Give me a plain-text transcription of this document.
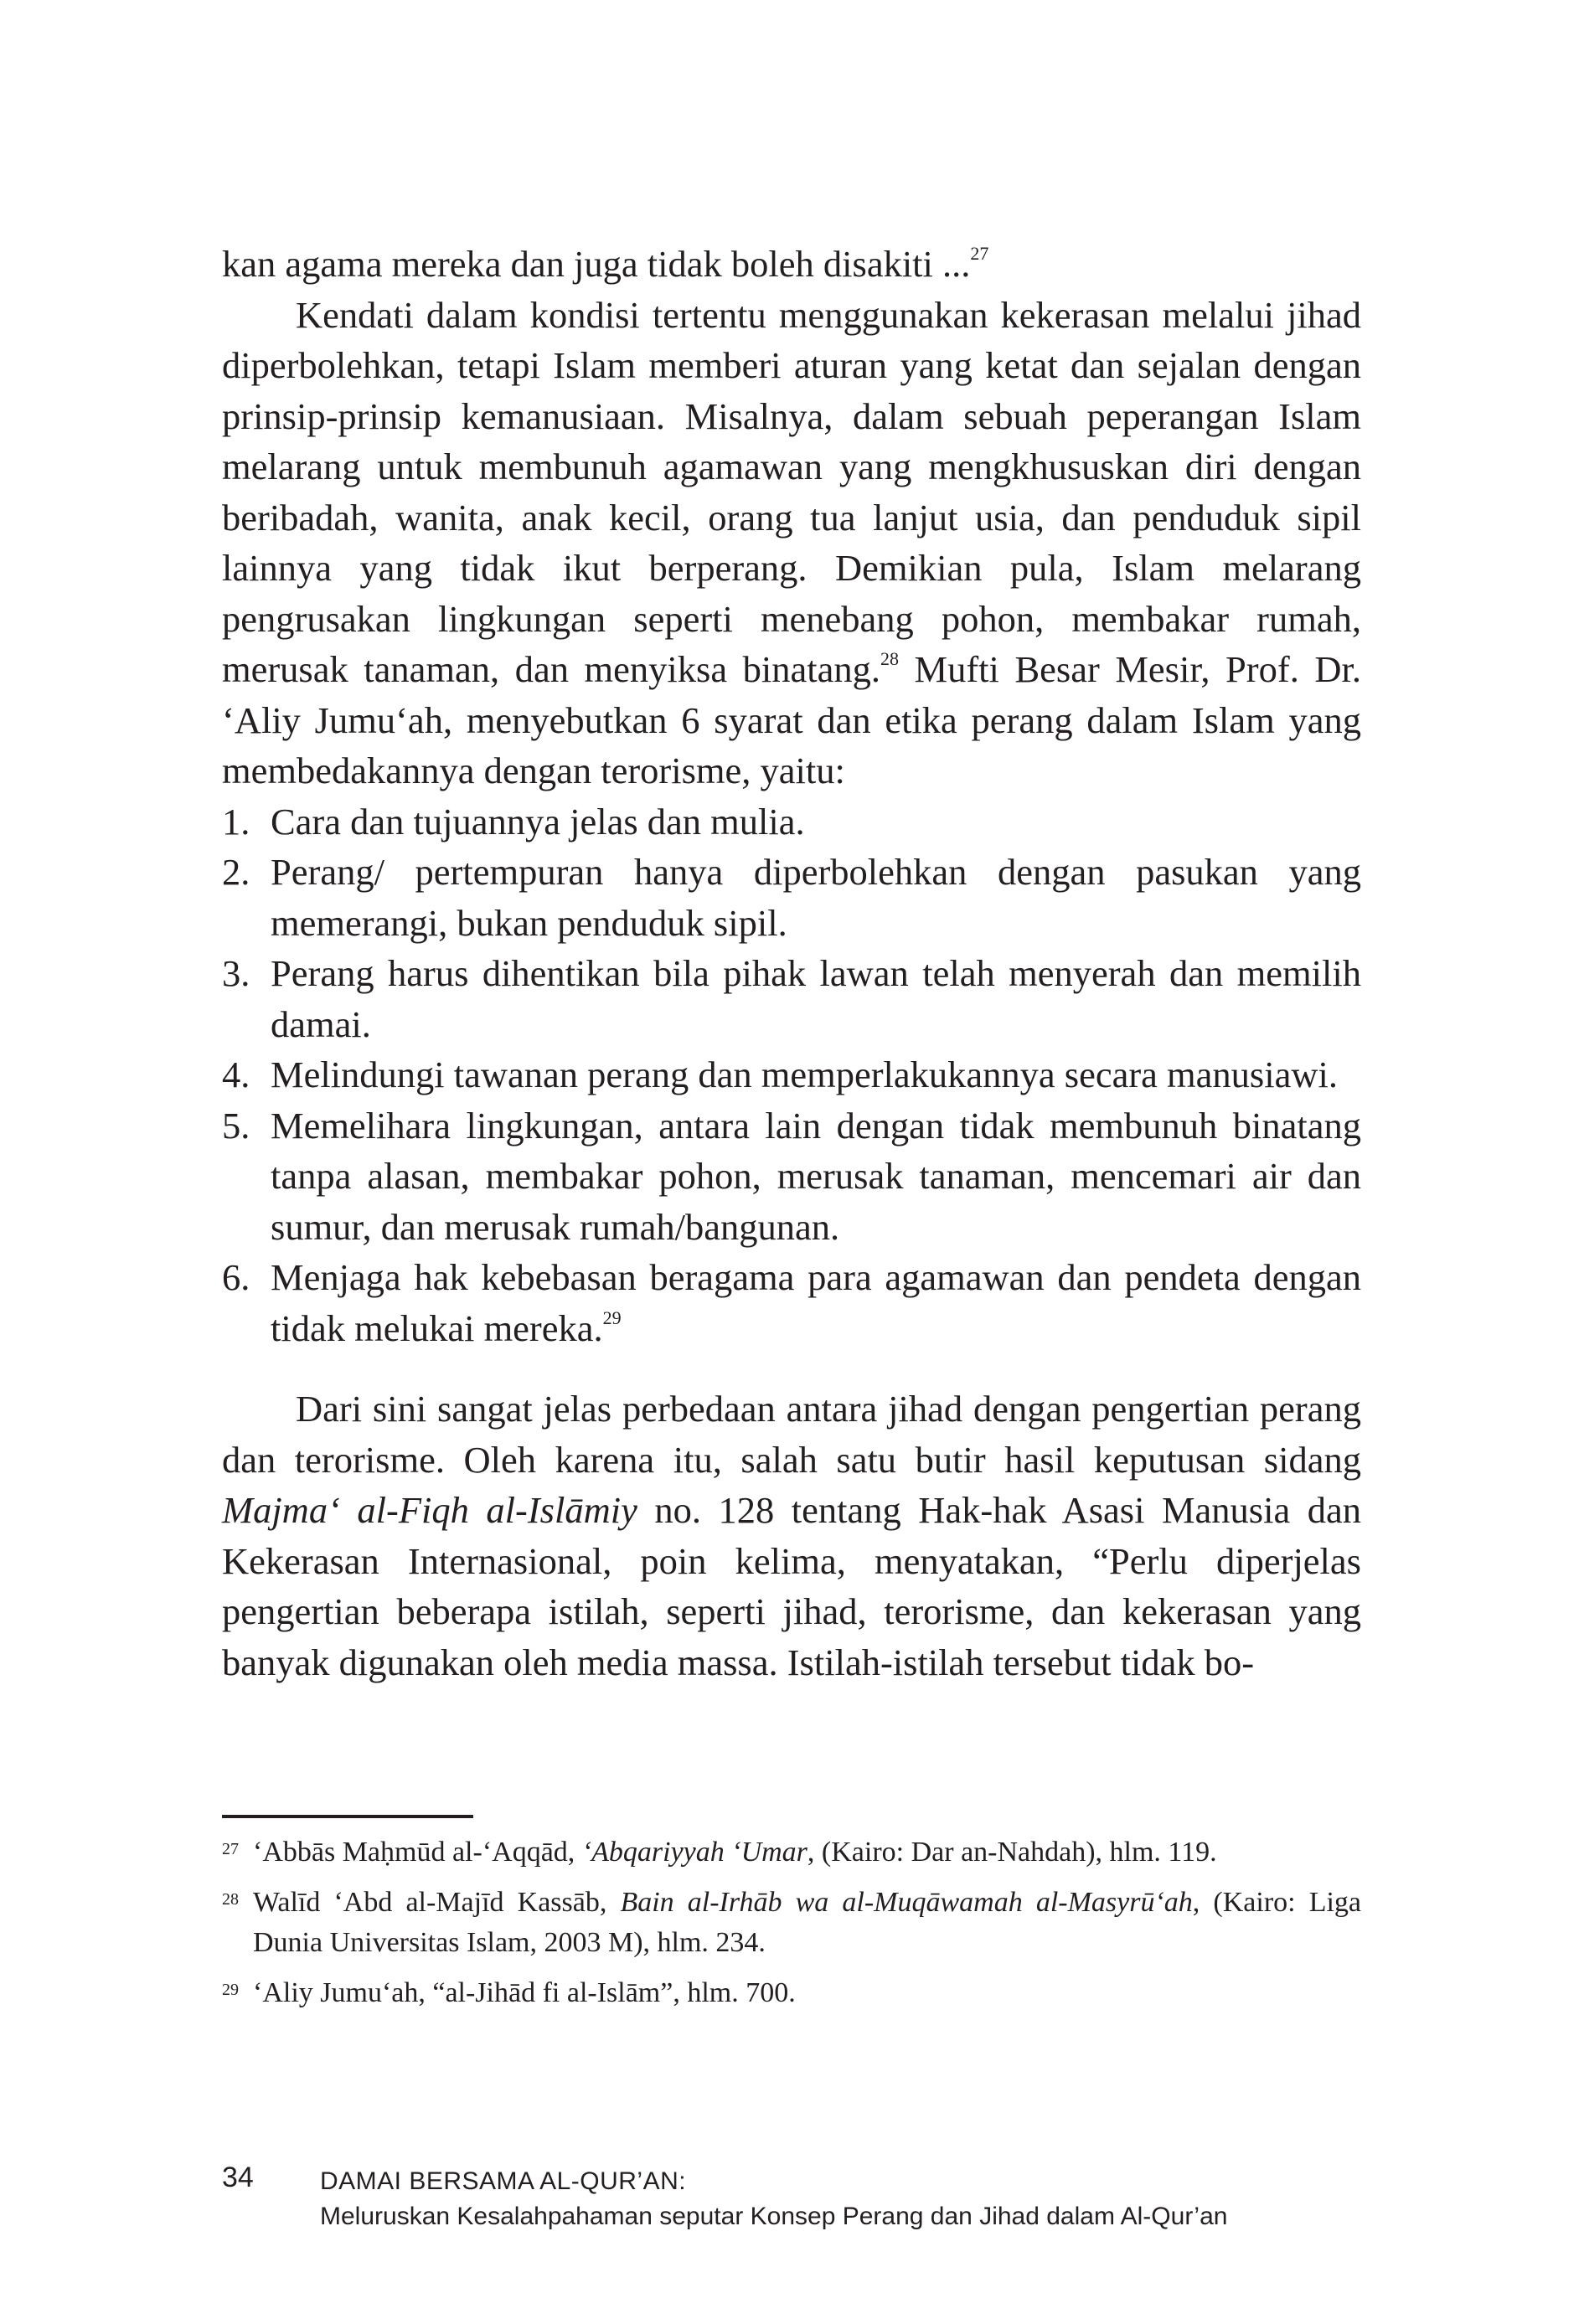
kan agama mereka dan juga tidak boleh disakiti ...$^{27}$

Kendati dalam kondisi tertentu menggunakan kekerasan melalui jihad diperbolehkan, tetapi Islam memberi aturan yang ketat dan sejalan dengan prinsip-prinsip kemanusiaan. Misalnya, dalam sebuah peperangan Islam melarang untuk membunuh agamawan yang mengkhususkan diri dengan beribadah, wanita, anak kecil, orang tua lanjut usia, dan penduduk sipil lainnya yang tidak ikut berperang. Demikian pula, Islam melarang pengrusakan lingkungan seperti menebang pohon, membakar rumah, merusak tanaman, dan menyiksa binatang.$^{28}$ Mufti Besar Mesir, Prof. Dr. ‘Aliy Jumu‘ah, menyebutkan 6 syarat dan etika perang dalam Islam yang membedakannya dengan terorisme, yaitu:

1. Cara dan tujuannya jelas dan mulia.
2. Perang/ pertempuran hanya diperbolehkan dengan pasukan yang memerangi, bukan penduduk sipil.
3. Perang harus dihentikan bila pihak lawan telah menyerah dan memilih damai.
4. Melindungi tawanan perang dan memperlakukannya secara manusiawi.
5. Memelihara lingkungan, antara lain dengan tidak membunuh binatang tanpa alasan, membakar pohon, merusak tanaman, mencemari air dan sumur, dan merusak rumah/bangunan.
6. Menjaga hak kebebasan beragama para agamawan dan pendeta dengan tidak melukai mereka.$^{29}$

Dari sini sangat jelas perbedaan antara jihad dengan pengertian perang dan terorisme. Oleh karena itu, salah satu butir hasil keputusan sidang Majma‘ al-Fiqh al-Islāmiy no. 128 tentang Hak-hak Asasi Manusia dan Kekerasan Internasional, poin kelima, menyatakan, “Perlu diperjelas pengertian beberapa istilah, seperti jihad, terorisme, dan kekerasan yang banyak digunakan oleh media massa. Istilah-istilah tersebut tidak bo-

27 ‘Abbās Maḥmūd al-‘Aqqād, ‘Abqariyyah ‘Umar, (Kairo: Dar an-Nahdah), hlm. 119.

28 Walīd ‘Abd al-Majīd Kassāb, Bain al-Irhāb wa al-Muqāwamah al-Masyrū‘ah, (Kairo: Liga Dunia Universitas Islam, 2003 M), hlm. 234.

29 ‘Aliy Jumu‘ah, “al-Jihād fi al-Islām”, hlm. 700.

34	DAMAI BERSAMA AL-QUR’AN:
Meluruskan Kesalahpahaman seputar Konsep Perang dan Jihad dalam Al-Qur’an
